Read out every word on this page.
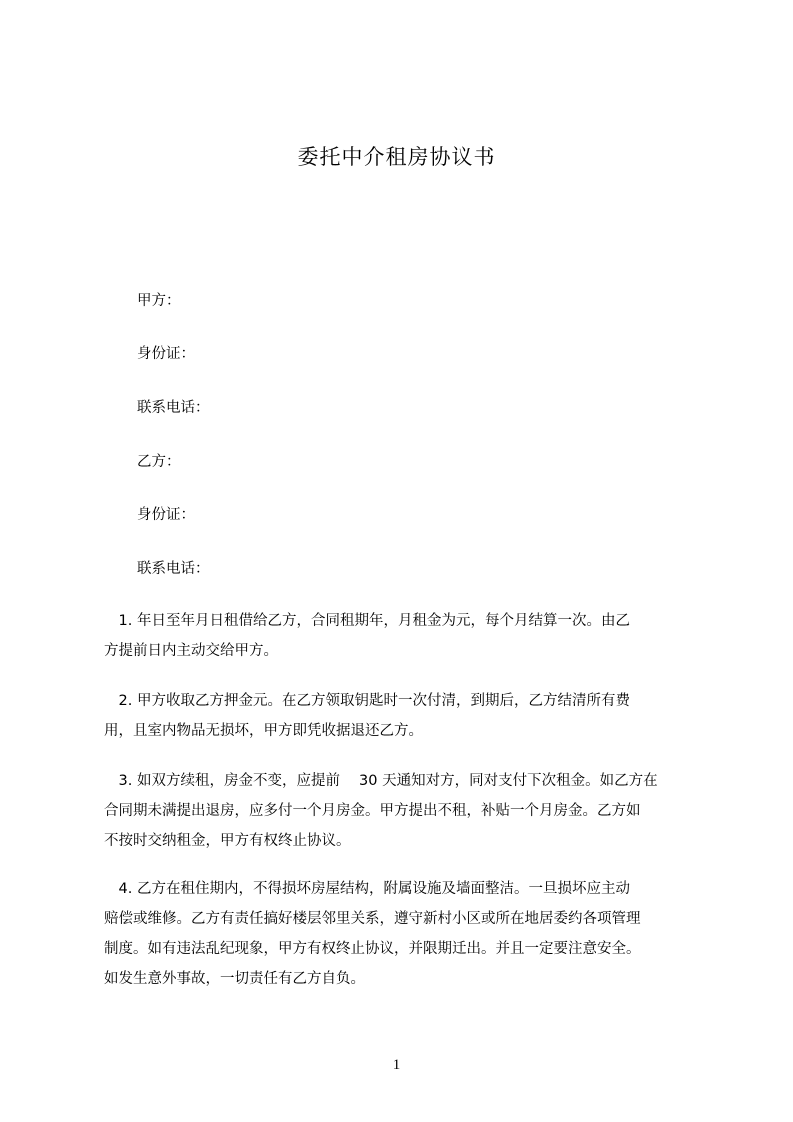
委托中介租房协议书
甲方：
身份证：
联系电话：
乙方：
身份证：
联系电话：

　1. 年日至年月日租借给乙方，合同租期年，月租金为元，每个月结算一次。由乙
方提前日内主动交给甲方。

　2. 甲方收取乙方押金元。在乙方领取钥匙时一次付清，到期后，乙方结清所有费
用，且室内物品无损坏，甲方即凭收据退还乙方。

　3. 如双方续租，房金不变，应提前　 30 天通知对方，同对支付下次租金。如乙方在
合同期未满提出退房，应多付一个月房金。甲方提出不租，补贴一个月房金。乙方如
不按时交纳租金，甲方有权终止协议。

　4. 乙方在租住期内，不得损坏房屋结构，附属设施及墙面整洁。一旦损坏应主动
赔偿或维修。乙方有责任搞好楼层邻里关系，遵守新村小区或所在地居委约各项管理
制度。如有违法乱纪现象，甲方有权终止协议，并限期迁出。并且一定要注意安全。
如发生意外事故，一切责任有乙方自负。

1
